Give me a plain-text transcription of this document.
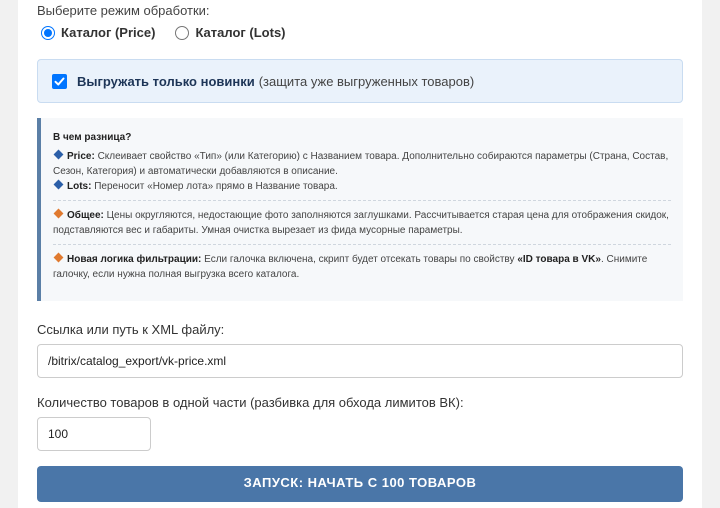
Выберите режим обработки:
Каталог (Price)	Каталог (Lots)
Выгружать только новинки (защита уже выгруженных товаров)
В чем разница?

Price: Склеивает свойство «Тип» (или Категорию) с Названием товара. Дополнительно собираются параметры (Страна, Состав, Сезон, Категория) и автоматически добавляются в описание.

Lots: Переносит «Номер лота» прямо в Название товара.

Общее: Цены округляются, недостающие фото заполняются заглушками. Рассчитывается старая цена для отображения скидок, подставляются вес и габариты. Умная очистка вырезает из фида мусорные параметры.

Новая логика фильтрации: Если галочка включена, скрипт будет отсекать товары по свойству «ID товара в VK». Снимите галочку, если нужна полная выгрузка всего каталога.

Ссылка или путь к XML файлу:
/bitrix/catalog_export/vk-price.xml
Количество товаров в одной части (разбивка для обхода лимитов ВК):
100
ЗАПУСК: НАЧАТЬ С 100 ТОВАРОВ
